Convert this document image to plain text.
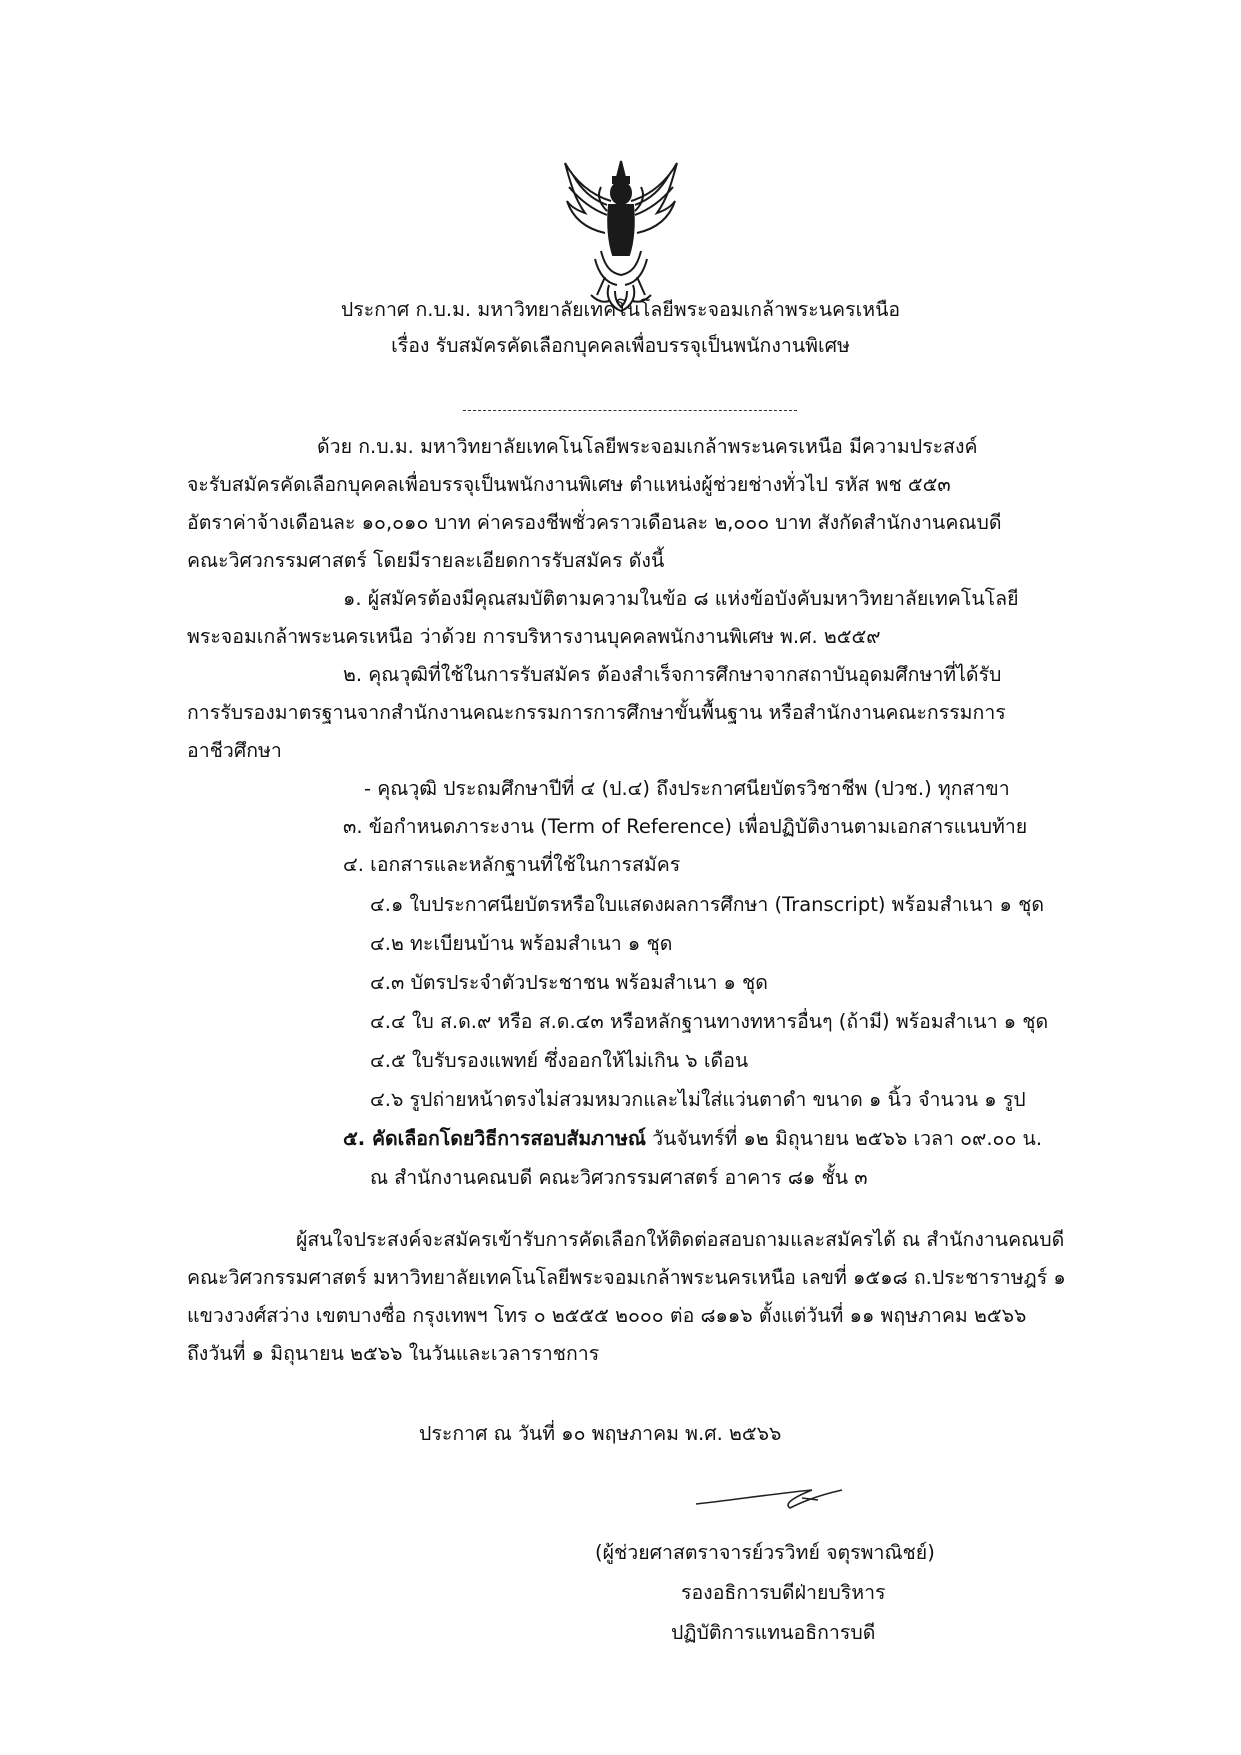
ประกาศ ก.บ.ม. มหาวิทยาลัยเทคโนโลยีพระจอมเกล้าพระนครเหนือ
เรื่อง รับสมัครคัดเลือกบุคคลเพื่อบรรจุเป็นพนักงานพิเศษ
ด้วย ก.บ.ม. มหาวิทยาลัยเทคโนโลยีพระจอมเกล้าพระนครเหนือ มีความประสงค์
จะรับสมัครคัดเลือกบุคคลเพื่อบรรจุเป็นพนักงานพิเศษ ตำแหน่งผู้ช่วยช่างทั่วไป รหัส พช ๕๕๓
อัตราค่าจ้างเดือนละ ๑๐,๐๑๐ บาท ค่าครองชีพชั่วคราวเดือนละ ๒,๐๐๐ บาท สังกัดสำนักงานคณบดี
คณะวิศวกรรมศาสตร์ โดยมีรายละเอียดการรับสมัคร ดังนี้
๑. ผู้สมัครต้องมีคุณสมบัติตามความในข้อ ๘ แห่งข้อบังคับมหาวิทยาลัยเทคโนโลยี
พระจอมเกล้าพระนครเหนือ ว่าด้วย การบริหารงานบุคคลพนักงานพิเศษ พ.ศ. ๒๕๕๙
๒. คุณวุฒิที่ใช้ในการรับสมัคร ต้องสำเร็จการศึกษาจากสถาบันอุดมศึกษาที่ได้รับ
การรับรองมาตรฐานจากสำนักงานคณะกรรมการการศึกษาขั้นพื้นฐาน หรือสำนักงานคณะกรรมการ
อาชีวศึกษา
- คุณวุฒิ ประถมศึกษาปีที่ ๔ (ป.๔) ถึงประกาศนียบัตรวิชาชีพ (ปวช.) ทุกสาขา
๓. ข้อกำหนดภาระงาน (Term of Reference) เพื่อปฏิบัติงานตามเอกสารแนบท้าย
๔. เอกสารและหลักฐานที่ใช้ในการสมัคร
๔.๑ ใบประกาศนียบัตรหรือใบแสดงผลการศึกษา (Transcript) พร้อมสำเนา ๑ ชุด
๔.๒ ทะเบียนบ้าน พร้อมสำเนา ๑ ชุด
๔.๓ บัตรประจำตัวประชาชน พร้อมสำเนา ๑ ชุด
๔.๔ ใบ ส.ด.๙ หรือ ส.ด.๔๓ หรือหลักฐานทางทหารอื่นๆ (ถ้ามี) พร้อมสำเนา ๑ ชุด
๔.๕ ใบรับรองแพทย์ ซึ่งออกให้ไม่เกิน ๖ เดือน
๔.๖ รูปถ่ายหน้าตรงไม่สวมหมวกและไม่ใส่แว่นตาดำ ขนาด ๑ นิ้ว จำนวน ๑ รูป
๕. คัดเลือกโดยวิธีการสอบสัมภาษณ์ วันจันทร์ที่ ๑๒ มิถุนายน ๒๕๖๖ เวลา ๐๙.๐๐ น.
ณ สำนักงานคณบดี คณะวิศวกรรมศาสตร์ อาคาร ๘๑ ชั้น ๓
ผู้สนใจประสงค์จะสมัครเข้ารับการคัดเลือกให้ติดต่อสอบถามและสมัครได้ ณ สำนักงานคณบดี
คณะวิศวกรรมศาสตร์ มหาวิทยาลัยเทคโนโลยีพระจอมเกล้าพระนครเหนือ เลขที่ ๑๕๑๘ ถ.ประชาราษฎร์ ๑
แขวงวงศ์สว่าง เขตบางซื่อ กรุงเทพฯ โทร ๐ ๒๕๕๕ ๒๐๐๐ ต่อ ๘๑๑๖ ตั้งแต่วันที่ ๑๑ พฤษภาคม ๒๕๖๖
ถึงวันที่ ๑ มิถุนายน ๒๕๖๖ ในวันและเวลาราชการ
ประกาศ ณ วันที่ ๑๐ พฤษภาคม พ.ศ. ๒๕๖๖
(ผู้ช่วยศาสตราจารย์วรวิทย์ จตุรพาณิชย์)
รองอธิการบดีฝ่ายบริหาร
ปฏิบัติการแทนอธิการบดี
